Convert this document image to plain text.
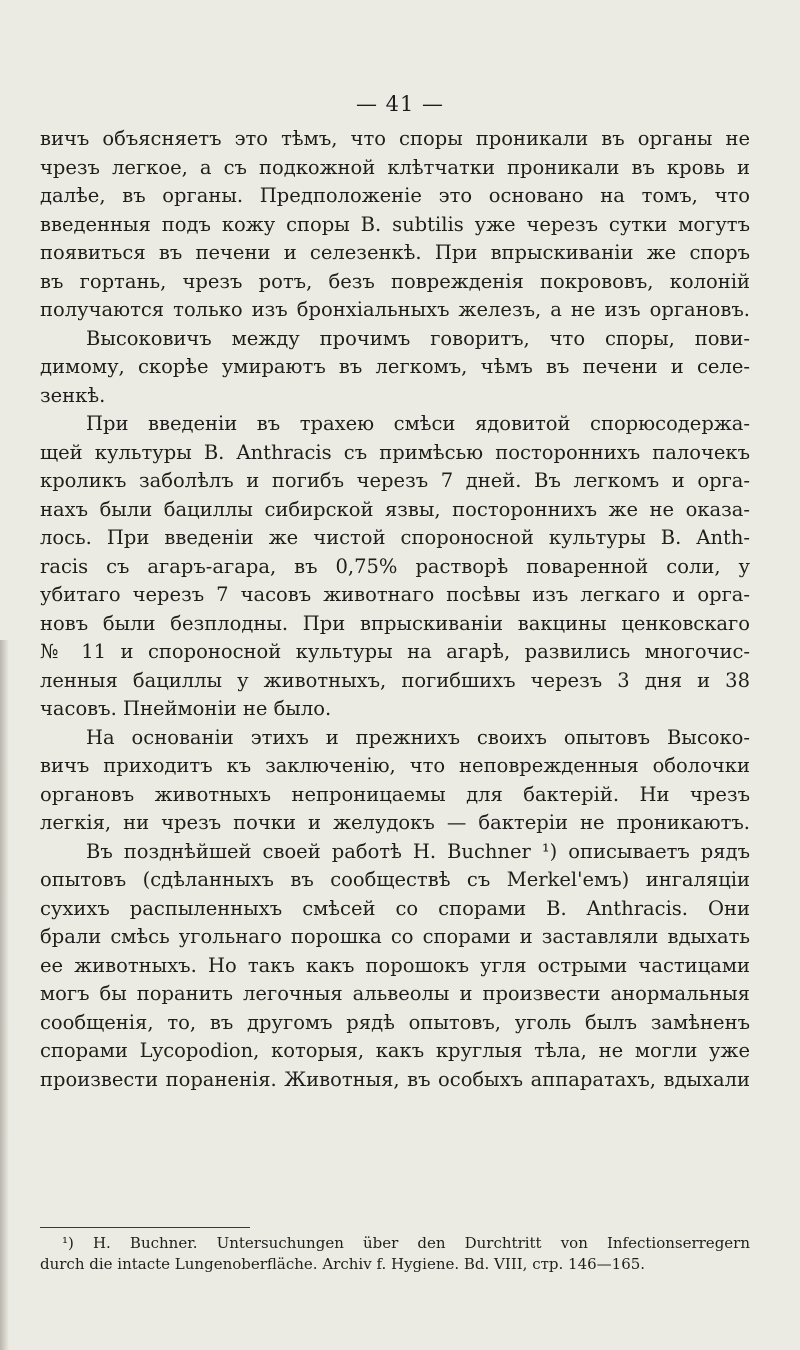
— 41 —
вичъ объясняетъ это тѣмъ, что споры проникали въ органы не
чрезъ легкое, а съ подкожной клѣтчатки проникали въ кровь и
далѣе, въ органы. Предположеніе это основано на томъ, что
введенныя подъ кожу споры B. subtilis уже черезъ сутки могутъ
появиться въ печени и селезенкѣ. При впрыскиваніи же споръ
въ гортань, чрезъ ротъ, безъ поврежденія покрововъ, колоній
получаются только изъ бронхіальныхъ железъ, а не изъ органовъ.
Высоковичъ между прочимъ говоритъ, что споры, пови-
димому, скорѣе умираютъ въ легкомъ, чѣмъ въ печени и селе-
зенкѣ.
При введеніи въ трахею смѣси ядовитой спорюсодержа-
щей культуры B. Anthracis съ примѣсью постороннихъ палочекъ
кроликъ заболѣлъ и погибъ черезъ 7 дней. Въ легкомъ и орга-
нахъ были бациллы сибирской язвы, постороннихъ же не оказа-
лось. При введеніи же чистой спороносной культуры B. Anth-
racis съ агаръ-агара, въ 0,75% растворѣ поваренной соли, у
убитаго черезъ 7 часовъ животнаго посѣвы изъ легкаго и орга-
новъ были безплодны. При впрыскиваніи вакцины ценковскаго
№ 11 и спороносной культуры на агарѣ, развились многочис-
ленныя бациллы у животныхъ, погибшихъ черезъ 3 дня и 38
часовъ. Пнеймоніи не было.
На основаніи этихъ и прежнихъ своихъ опытовъ Высоко-
вичъ приходитъ къ заключенію, что неповрежденныя оболочки
органовъ животныхъ непроницаемы для бактерій. Ни чрезъ
легкія, ни чрезъ почки и желудокъ — бактеріи не проникаютъ.
Въ позднѣйшей своей работѣ H. Buchner ¹) описываетъ рядъ
опытовъ (сдѣланныхъ въ сообществѣ съ Merkel'емъ) ингаляціи
сухихъ распыленныхъ смѣсей со спорами B. Anthracis. Они
брали смѣсь угольнаго порошка со спорами и заставляли вдыхать
ее животныхъ. Но такъ какъ порошокъ угля острыми частицами
могъ бы поранить легочныя альвеолы и произвести анормальныя
сообщенія, то, въ другомъ рядѣ опытовъ, уголь былъ замѣненъ
спорами Lycopodion, которыя, какъ круглыя тѣла, не могли уже
произвести пораненія. Животныя, въ особыхъ аппаратахъ, вдыхали
¹) H. Buchner. Untersuchungen über den Durchtritt von Infectionserregern
durch die intacte Lungenoberfläche. Archiv f. Hygiene. Bd. VIII, стр. 146—165.
